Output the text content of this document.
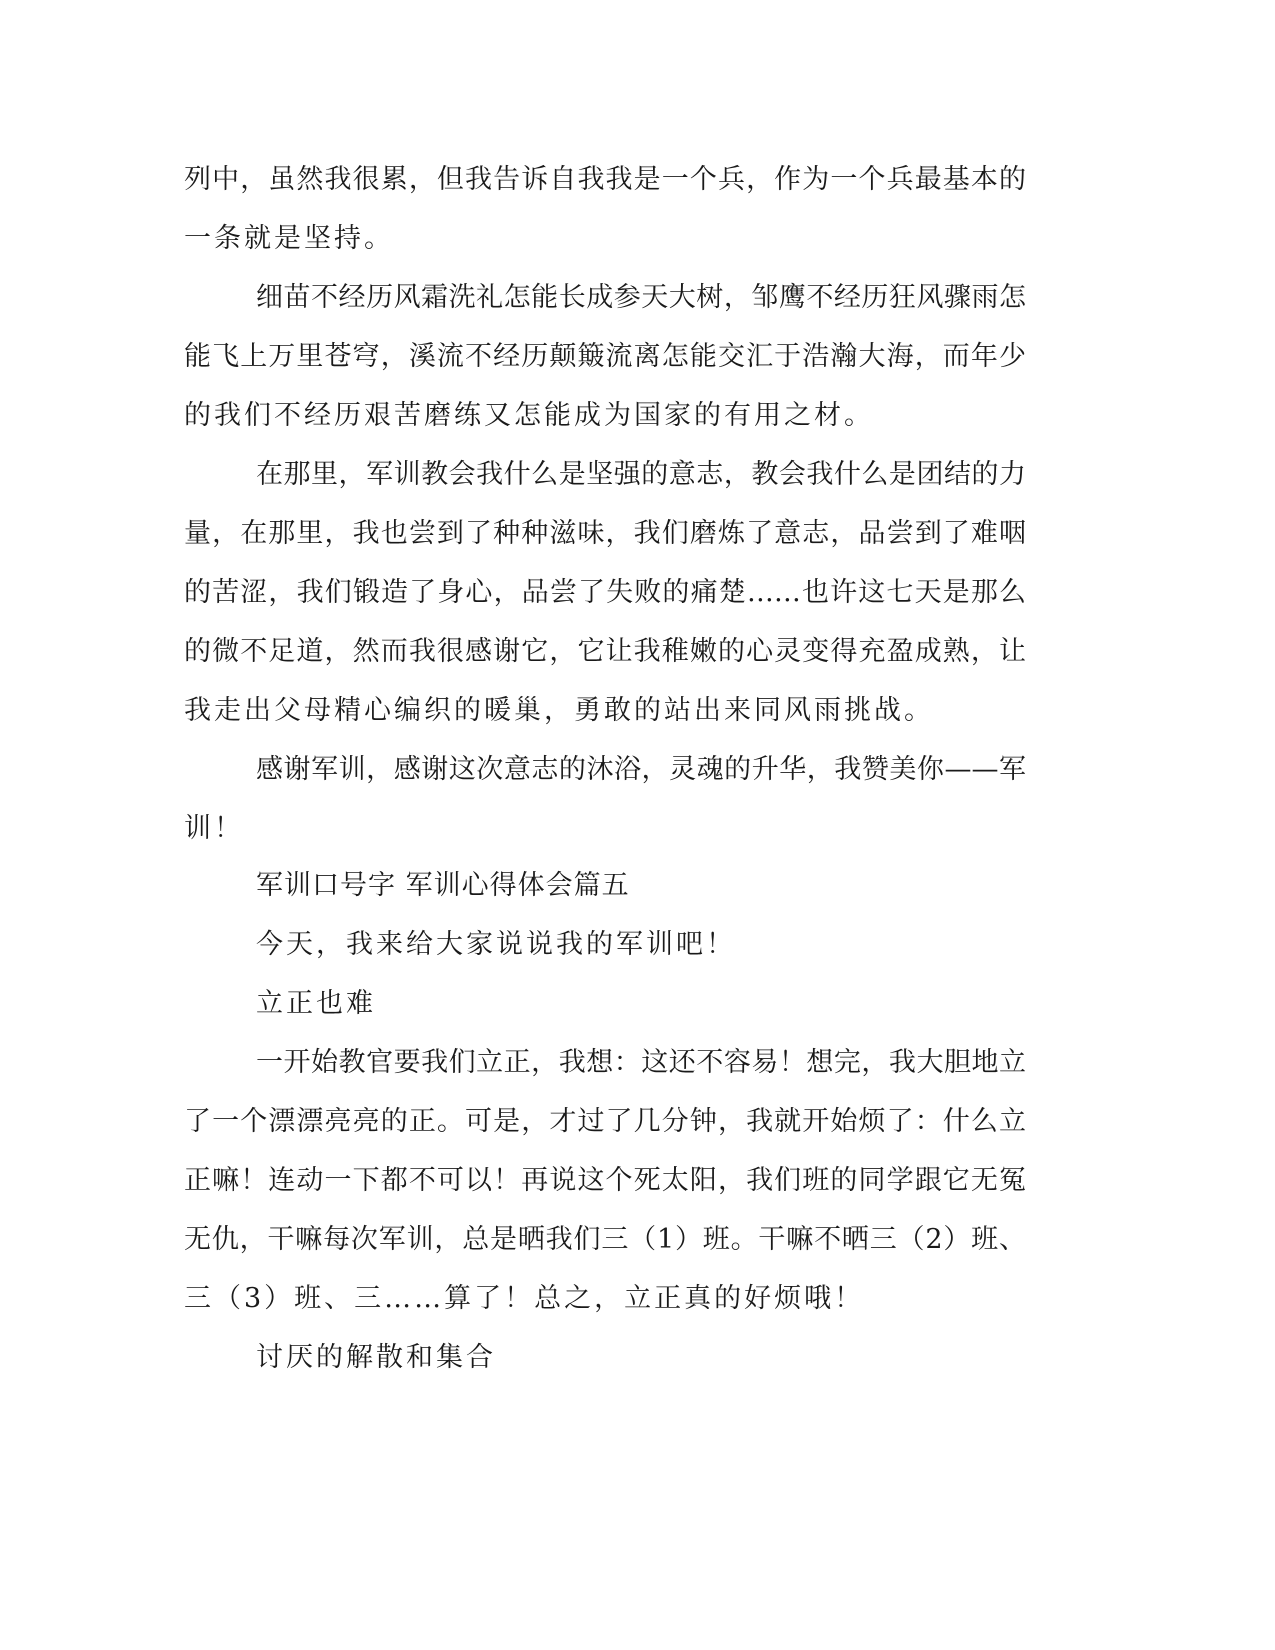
列中，虽然我很累，但我告诉自我我是一个兵，作为一个兵最基本的
一条就是坚持。
细苗不经历风霜洗礼怎能长成参天大树，邹鹰不经历狂风骤雨怎
能飞上万里苍穹，溪流不经历颠簸流离怎能交汇于浩瀚大海，而年少
的我们不经历艰苦磨练又怎能成为国家的有用之材。
在那里，军训教会我什么是坚强的意志，教会我什么是团结的力
量，在那里，我也尝到了种种滋味，我们磨炼了意志，品尝到了难咽
的苦涩，我们锻造了身心，品尝了失败的痛楚……也许这七天是那么
的微不足道，然而我很感谢它，它让我稚嫩的心灵变得充盈成熟，让
我走出父母精心编织的暖巢，勇敢的站出来同风雨挑战。
感谢军训，感谢这次意志的沐浴，灵魂的升华，我赞美你——军
训！
军训口号字 军训心得体会篇五
今天，我来给大家说说我的军训吧！
立正也难
一开始教官要我们立正，我想：这还不容易！想完，我大胆地立
了一个漂漂亮亮的正。可是，才过了几分钟，我就开始烦了：什么立
正嘛！连动一下都不可以！再说这个死太阳，我们班的同学跟它无冤
无仇，干嘛每次军训，总是晒我们三（1）班。干嘛不晒三（2）班、
三（3）班、三……算了！总之，立正真的好烦哦！
讨厌的解散和集合
